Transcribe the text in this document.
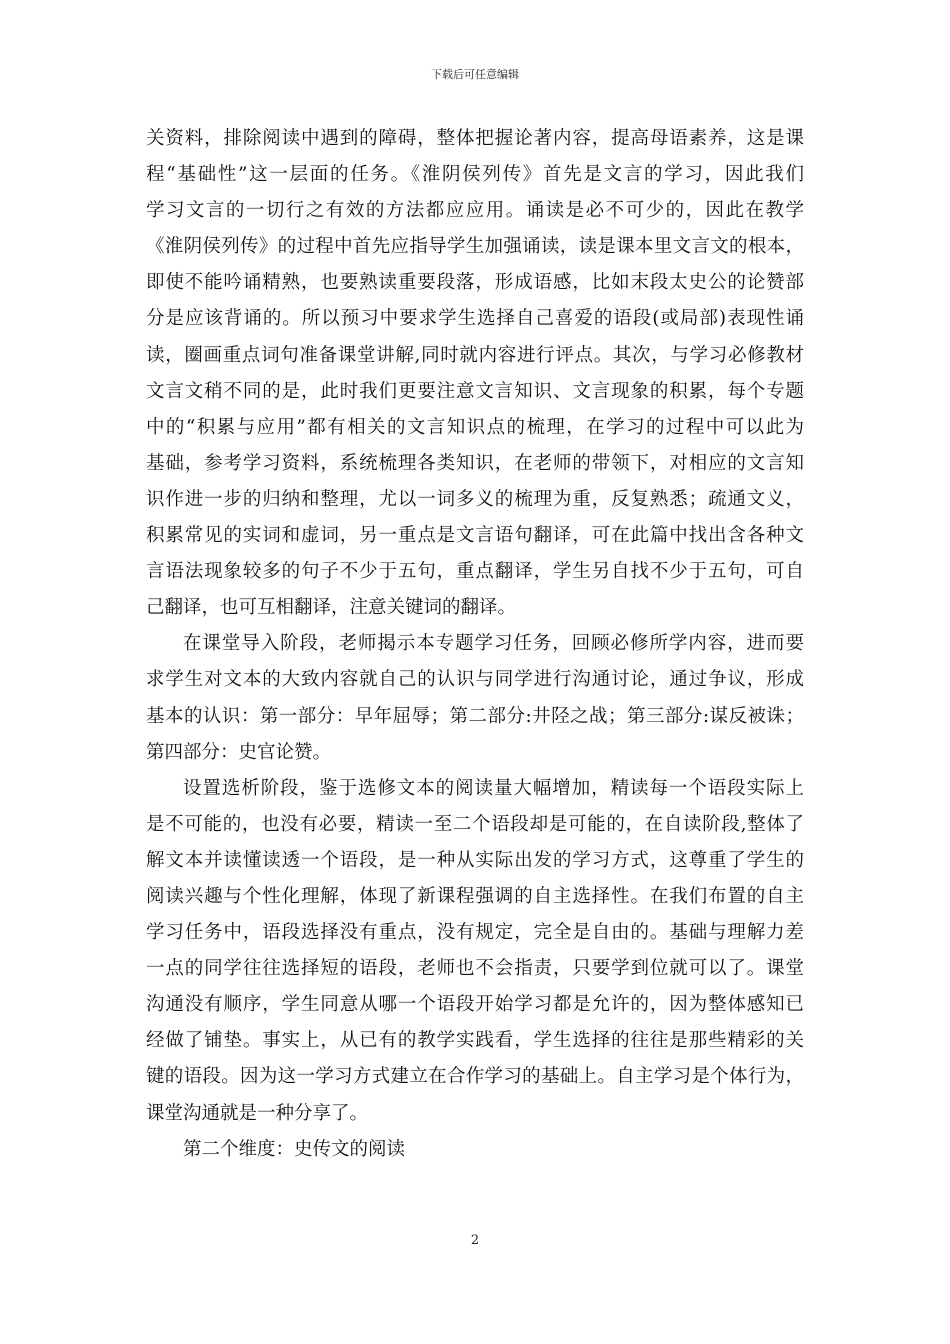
下载后可任意编辑
关资料，排除阅读中遇到的障碍，整体把握论著内容，提高母语素养，这是课
程“基础性”这一层面的任务。《淮阴侯列传》首先是文言的学习，因此我们
学习文言的一切行之有效的方法都应应用。诵读是必不可少的，因此在教学
《淮阴侯列传》的过程中首先应指导学生加强诵读，读是课本里文言文的根本，
即使不能吟诵精熟，也要熟读重要段落，形成语感，比如末段太史公的论赞部
分是应该背诵的。所以预习中要求学生选择自己喜爱的语段(或局部)表现性诵
读，圈画重点词句准备课堂讲解,同时就内容进行评点。其次，与学习必修教材
文言文稍不同的是，此时我们更要注意文言知识、文言现象的积累，每个专题
中的“积累与应用”都有相关的文言知识点的梳理，在学习的过程中可以此为
基础，参考学习资料，系统梳理各类知识，在老师的带领下，对相应的文言知
识作进一步的归纳和整理，尤以一词多义的梳理为重，反复熟悉；疏通文义，
积累常见的实词和虚词，另一重点是文言语句翻译，可在此篇中找出含各种文
言语法现象较多的句子不少于五句，重点翻译，学生另自找不少于五句，可自
己翻译，也可互相翻译，注意关键词的翻译。
在课堂导入阶段，老师揭示本专题学习任务，回顾必修所学内容，进而要
求学生对文本的大致内容就自己的认识与同学进行沟通讨论，通过争议，形成
基本的认识：第一部分：早年屈辱；第二部分:井陉之战；第三部分:谋反被诛；
第四部分：史官论赞。
设置选析阶段，鉴于选修文本的阅读量大幅增加，精读每一个语段实际上
是不可能的，也没有必要，精读一至二个语段却是可能的，在自读阶段,整体了
解文本并读懂读透一个语段，是一种从实际出发的学习方式，这尊重了学生的
阅读兴趣与个性化理解，体现了新课程强调的自主选择性。在我们布置的自主
学习任务中，语段选择没有重点，没有规定，完全是自由的。基础与理解力差
一点的同学往往选择短的语段，老师也不会指责，只要学到位就可以了。课堂
沟通没有顺序，学生同意从哪一个语段开始学习都是允许的，因为整体感知已
经做了铺垫。事实上，从已有的教学实践看，学生选择的往往是那些精彩的关
键的语段。因为这一学习方式建立在合作学习的基础上。自主学习是个体行为，
课堂沟通就是一种分享了。
第二个维度：史传文的阅读
2
